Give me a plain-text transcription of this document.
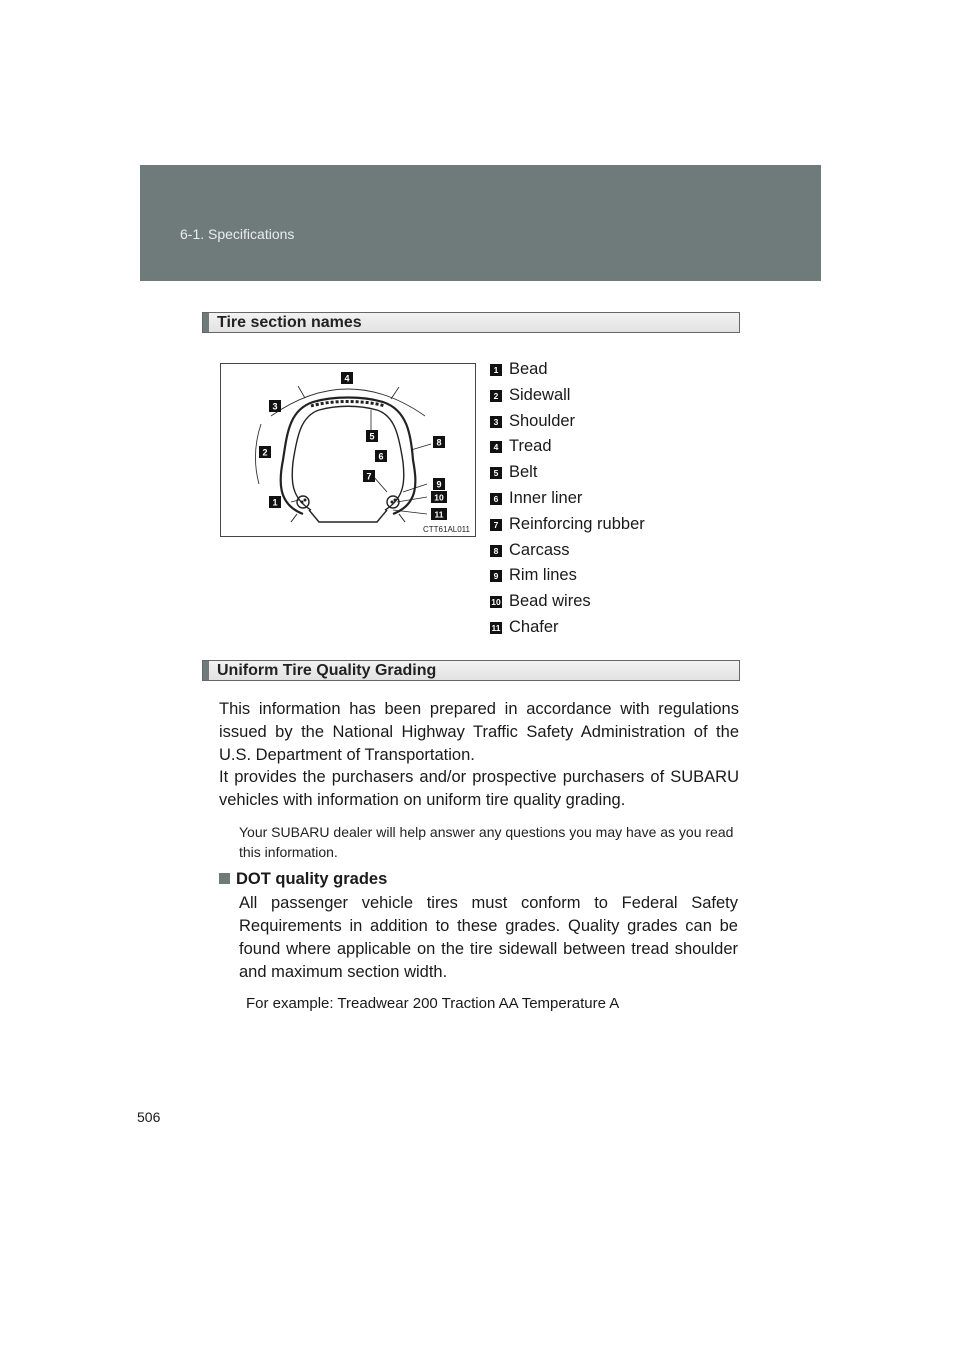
6-1. Specifications
Tire section names
1
2
3
4
5
6
7
8
9
10
11
CTT61AL011
1 Bead
2 Sidewall
3 Shoulder
4 Tread
5 Belt
6 Inner liner
7 Reinforcing rubber
8 Carcass
9 Rim lines
10 Bead wires
11 Chafer
Uniform Tire Quality Grading

This information has been prepared in accordance with regulations issued by the National Highway Traffic Safety Administration of the U.S. Department of Transportation.

It provides the purchasers and/or prospective purchasers of SUBARU vehicles with information on uniform tire quality grading.

Your SUBARU dealer will help answer any questions you may have as you read this information.

DOT quality grades

All passenger vehicle tires must conform to Federal Safety Requirements in addition to these grades. Quality grades can be found where applicable on the tire sidewall between tread shoulder and maximum section width.

For example: Treadwear 200 Traction AA Temperature A
506
